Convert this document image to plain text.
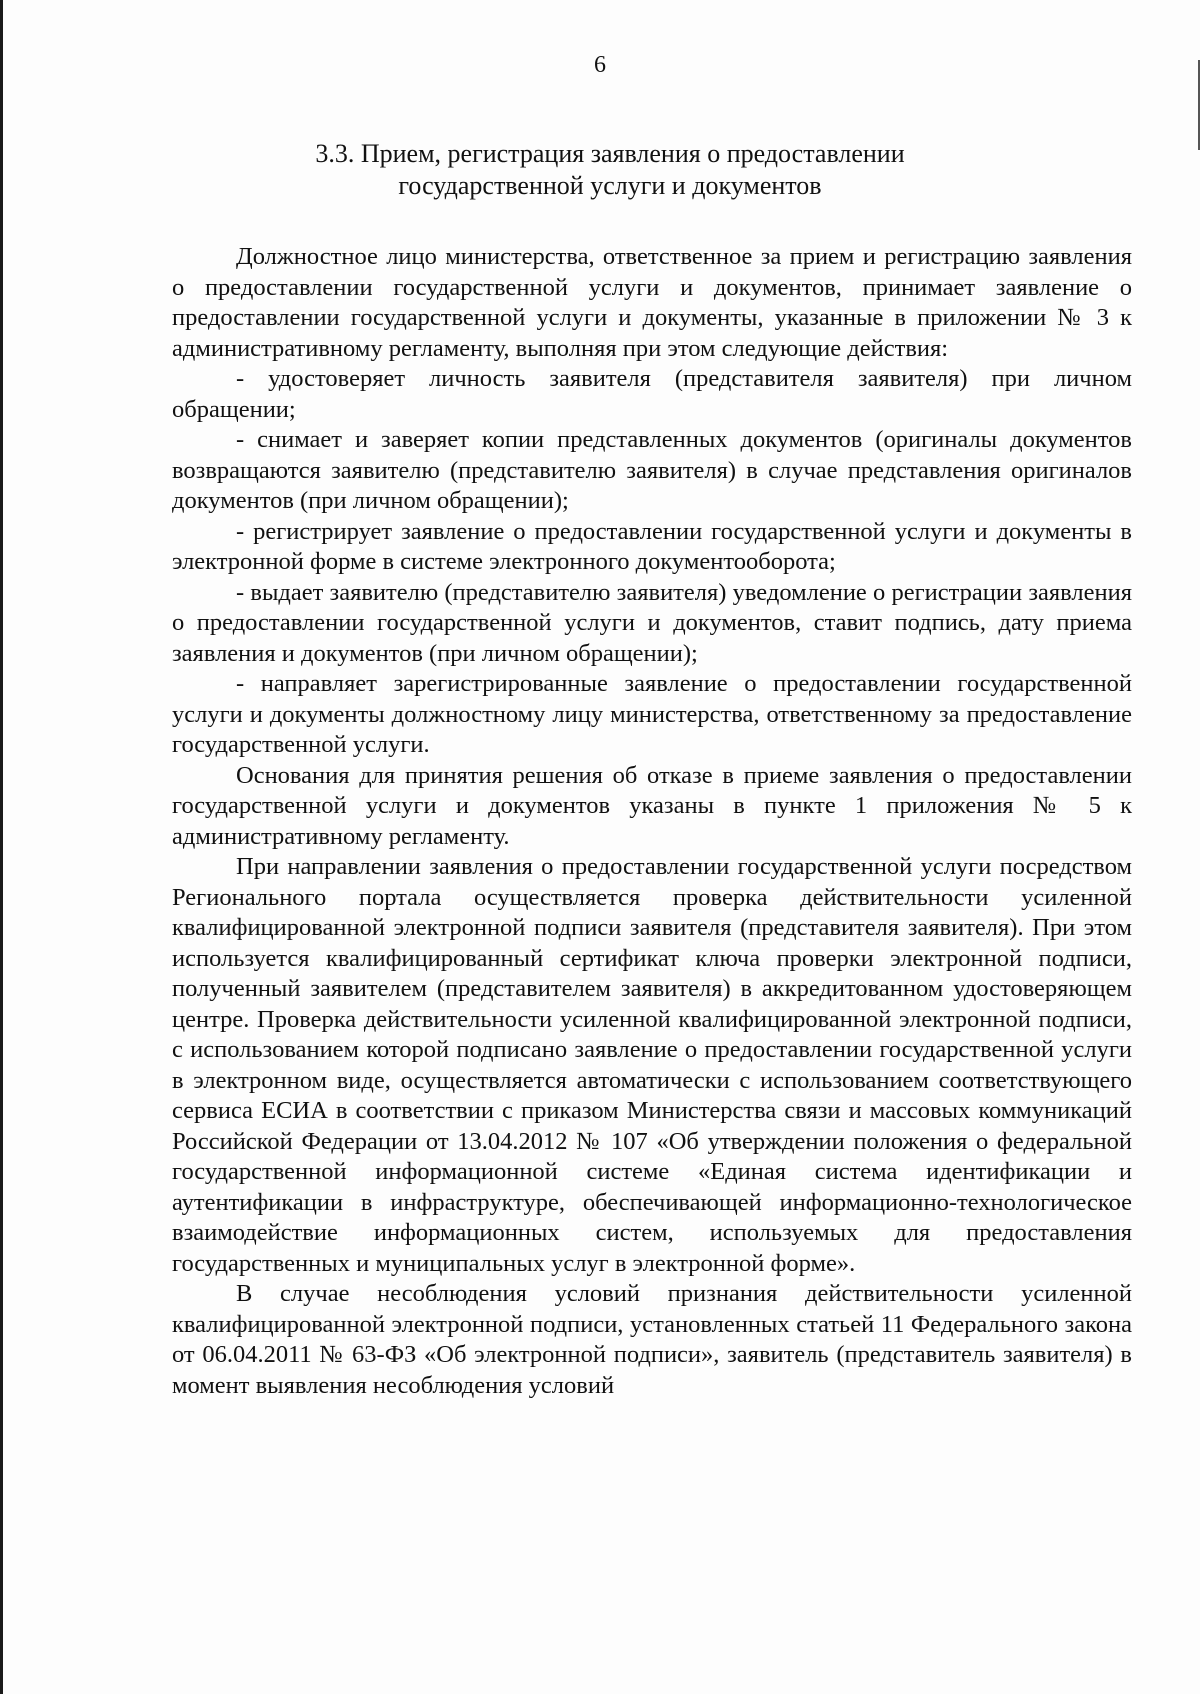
6
3.3. Прием, регистрация заявления о предоставлении
государственной услуги и документов

Должностное лицо министерства, ответственное за прием и регистрацию заявления о предоставлении государственной услуги и документов, принимает заявление о предоставлении государственной услуги и документы, указанные в приложении № 3 к административному регламенту, выполняя при этом следующие действия:

- удостоверяет личность заявителя (представителя заявителя) при личном обращении;

- снимает и заверяет копии представленных документов (оригиналы документов возвращаются заявителю (представителю заявителя) в случае представления оригиналов документов (при личном обращении);

- регистрирует заявление о предоставлении государственной услуги и документы в электронной форме в системе электронного документооборота;

- выдает заявителю (представителю заявителя) уведомление о регистрации заявления о предоставлении государственной услуги и документов, ставит подпись, дату приема заявления и документов (при личном обращении);

- направляет зарегистрированные заявление о предоставлении государственной услуги и документы должностному лицу министерства, ответственному за предоставление государственной услуги.

Основания для принятия решения об отказе в приеме заявления о предоставлении государственной услуги и документов указаны в пункте 1 приложения № 5 к административному регламенту.

При направлении заявления о предоставлении государственной услуги посредством Регионального портала осуществляется проверка действительности усиленной квалифицированной электронной подписи заявителя (представителя заявителя). При этом используется квалифицированный сертификат ключа проверки электронной подписи, полученный заявителем (представителем заявителя) в аккредитованном удостоверяющем центре. Проверка действительности усиленной квалифицированной электронной подписи, с использованием которой подписано заявление о предоставлении государственной услуги в электронном виде, осуществляется автоматически с использованием соответствующего сервиса ЕСИА в соответствии с приказом Министерства связи и массовых коммуникаций Российской Федерации от 13.04.2012 № 107 «Об утверждении положения о федеральной государственной информационной системе «Единая система идентификации и аутентификации в инфраструктуре, обеспечивающей информационно-технологическое взаимодействие информационных систем, используемых для предоставления государственных и муниципальных услуг в электронной форме».

В случае несоблюдения условий признания действительности усиленной квалифицированной электронной подписи, установленных статьей 11 Федерального закона от 06.04.2011 № 63-ФЗ «Об электронной подписи», заявитель (представитель заявителя) в момент выявления несоблюдения условий
